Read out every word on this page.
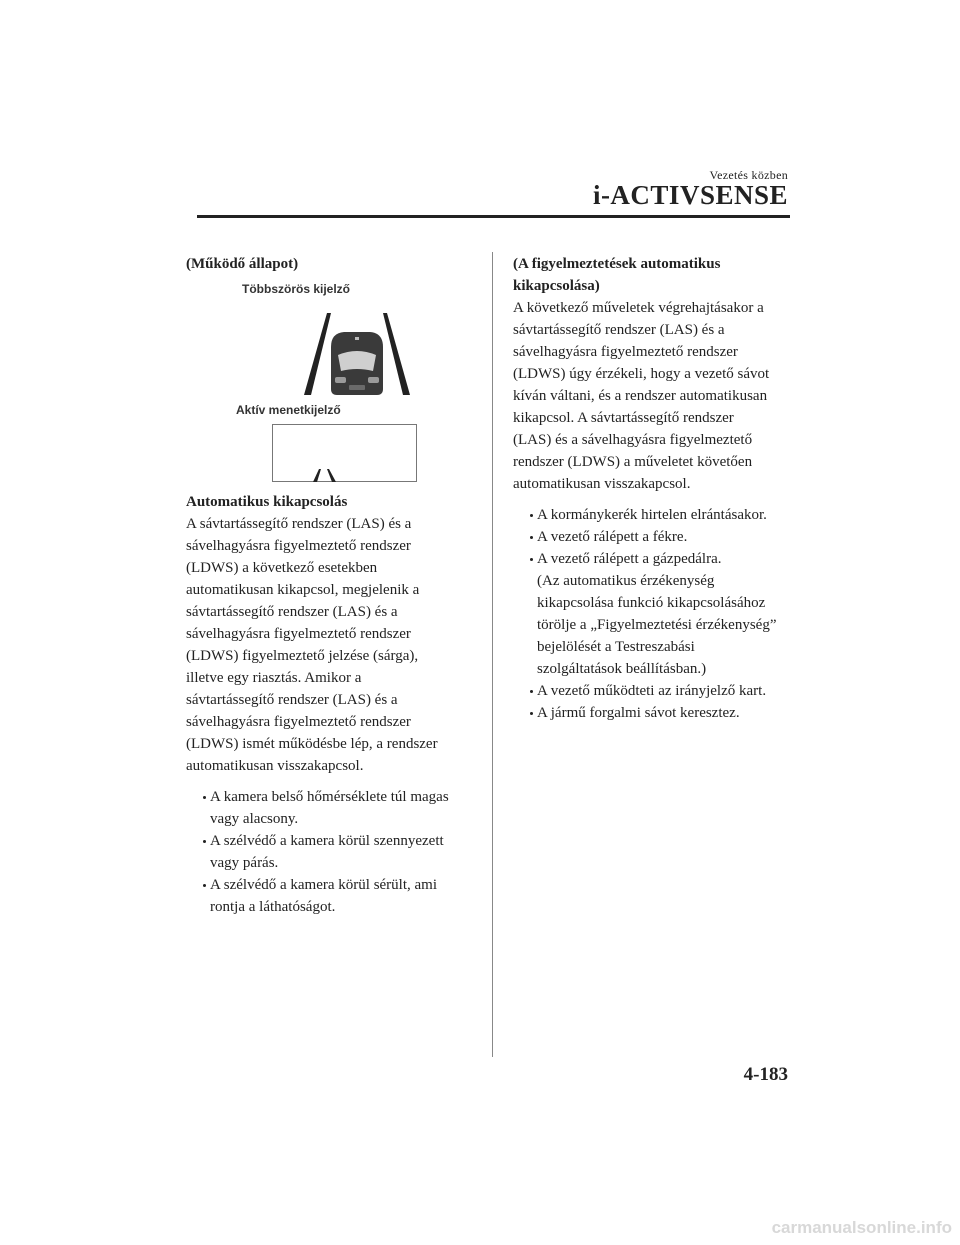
Vezetés közben
i-ACTIVSENSE

(Működő állapot)

Többszörös kijelző
Aktív menetkijelző

Automatikus kikapcsolás

A sávtartássegítő rendszer (LAS) és a
sávelhagyásra figyelmeztető rendszer
(LDWS) a következő esetekben
automatikusan kikapcsol, megjelenik a
sávtartássegítő rendszer (LAS) és a
sávelhagyásra figyelmeztető rendszer
(LDWS) figyelmeztető jelzése (sárga),
illetve egy riasztás. Amikor a
sávtartássegítő rendszer (LAS) és a
sávelhagyásra figyelmeztető rendszer
(LDWS) ismét működésbe lép, a rendszer
automatikusan visszakapcsol.

A kamera belső hőmérséklete túl magas
vagy alacsony.
A szélvédő a kamera körül szennyezett
vagy párás.
A szélvédő a kamera körül sérült, ami
rontja a láthatóságot.

(A figyelmeztetések automatikus
kikapcsolása)

A következő műveletek végrehajtásakor a
sávtartássegítő rendszer (LAS) és a
sávelhagyásra figyelmeztető rendszer
(LDWS) úgy érzékeli, hogy a vezető sávot
kíván váltani, és a rendszer automatikusan
kikapcsol. A sávtartássegítő rendszer
(LAS) és a sávelhagyásra figyelmeztető
rendszer (LDWS) a műveletet követően
automatikusan visszakapcsol.

A kormánykerék hirtelen elrántásakor.
A vezető rálépett a fékre.
A vezető rálépett a gázpedálra.
(Az automatikus érzékenység
kikapcsolása funkció kikapcsolásához
törölje a „Figyelmeztetési érzékenység”
bejelölését a Testreszabási
szolgáltatások beállításban.)
A vezető működteti az irányjelző kart.
A jármű forgalmi sávot keresztez.
4-183
carmanualsonline.info
